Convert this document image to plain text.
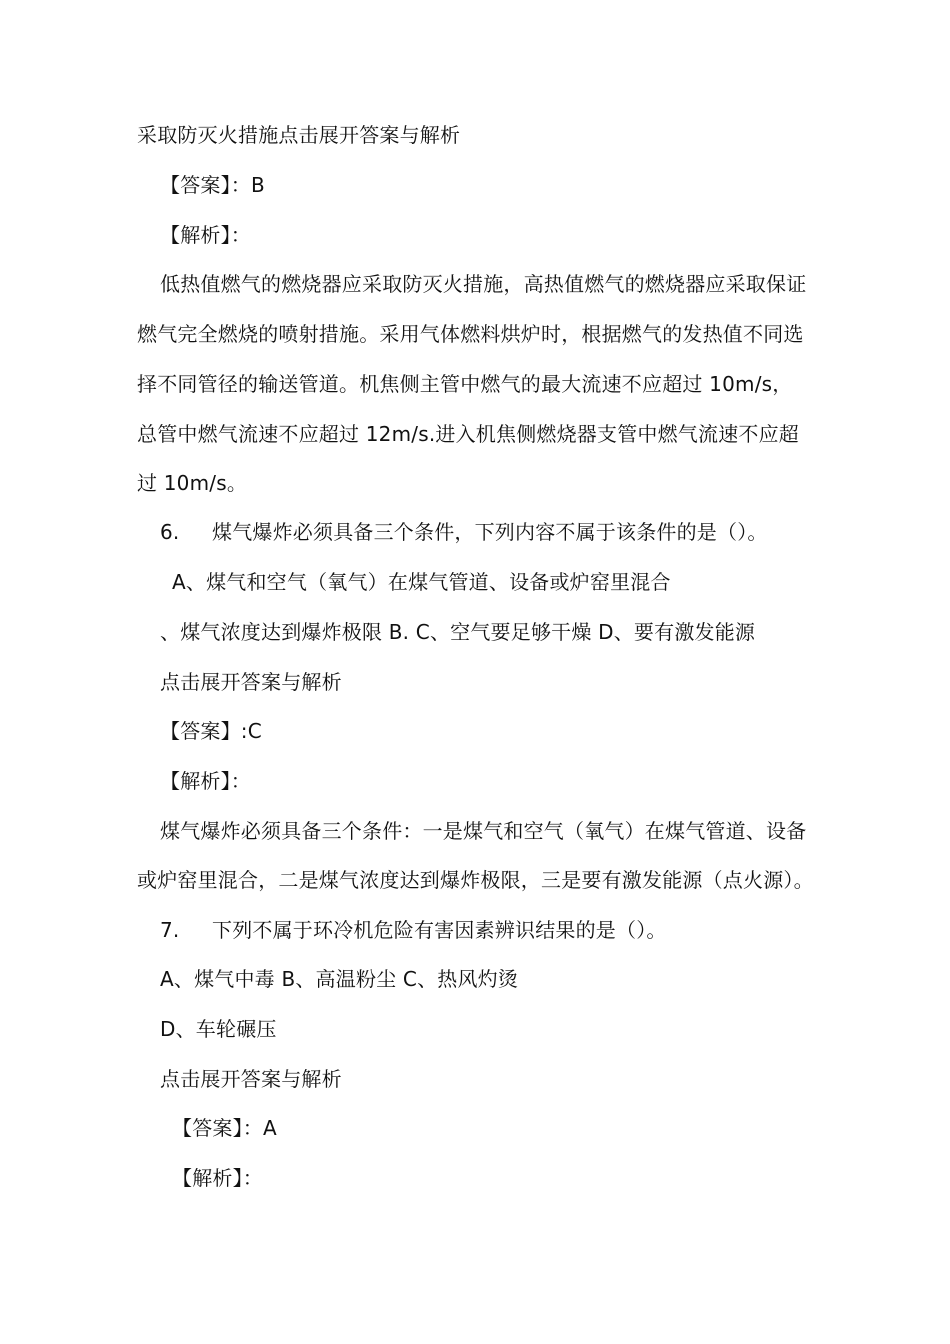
采取防灭火措施点击展开答案与解析
【答案】：B
【解析】：
低热值燃气的燃烧器应采取防灭火措施，高热值燃气的燃烧器应采取保证
燃气完全燃烧的喷射措施。采用气体燃料烘炉时，根据燃气的发热值不同选
择不同管径的输送管道。机焦侧主管中燃气的最大流速不应超过 10m/s，
总管中燃气流速不应超过 12m/s.进入机焦侧燃烧器支管中燃气流速不应超
过 10m/s。
6. 煤气爆炸必须具备三个条件，下列内容不属于该条件的是（）。
A、煤气和空气（氧气）在煤气管道、设备或炉窑里混合
、煤气浓度达到爆炸极限 B. C、空气要足够干燥 D、要有激发能源
点击展开答案与解析
【答案】:C
【解析】：
煤气爆炸必须具备三个条件：一是煤气和空气（氧气）在煤气管道、设备
或炉窑里混合，二是煤气浓度达到爆炸极限，三是要有激发能源（点火源）。
7. 下列不属于环冷机危险有害因素辨识结果的是（）。
A、煤气中毒 B、高温粉尘 C、热风灼烫
D、车轮碾压
点击展开答案与解析
【答案】：A
【解析】：
